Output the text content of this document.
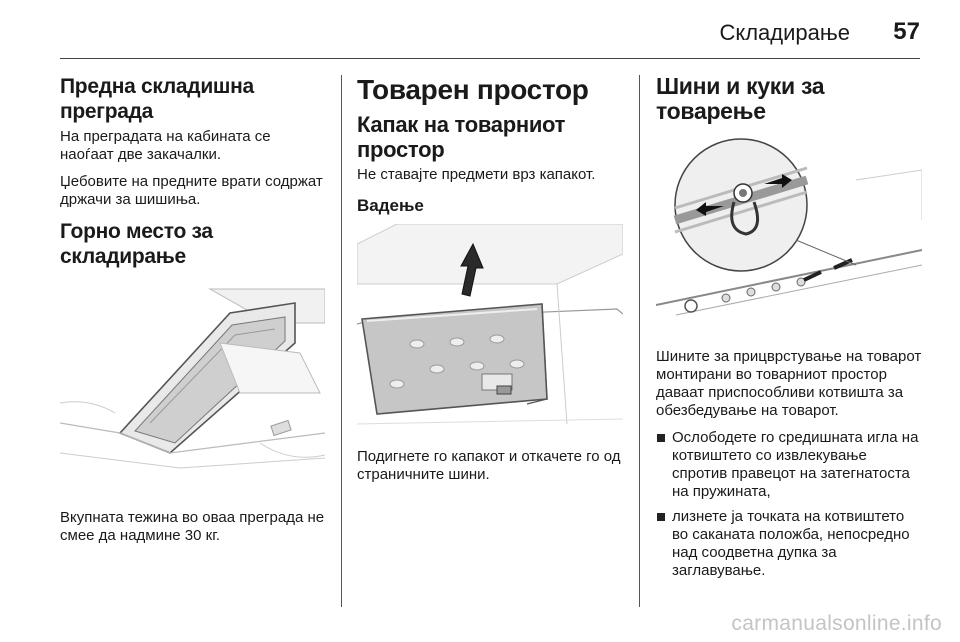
Складирање 57
Предна складишна преграда

На преградата на кабината се наоѓаат две закачалки.

Џебовите на предните врати содржат држачи за шишиња.

Горно место за складирање

Вкупната тежина во оваа преграда не смее да надмине 30 кг.

Товарен простор
Капак на товарниот простор

Не ставајте предмети врз капакот.

Вадење

Подигнете го капакот и откачете го од страничните шини.

Шини и куки за товарење

Шините за прицврстување на товарот монтирани во товарниот простор даваат приспособливи котвишта за обезбедување на товарот.

Ослободете го средишната игла на котвиштето со извлекување спротив правецот на затегнатоста на пружината,
лизнете ја точката на котвиштето во саканата положба, непосредно над соодветна дупка за заглавување.
carmanualsonline.info
